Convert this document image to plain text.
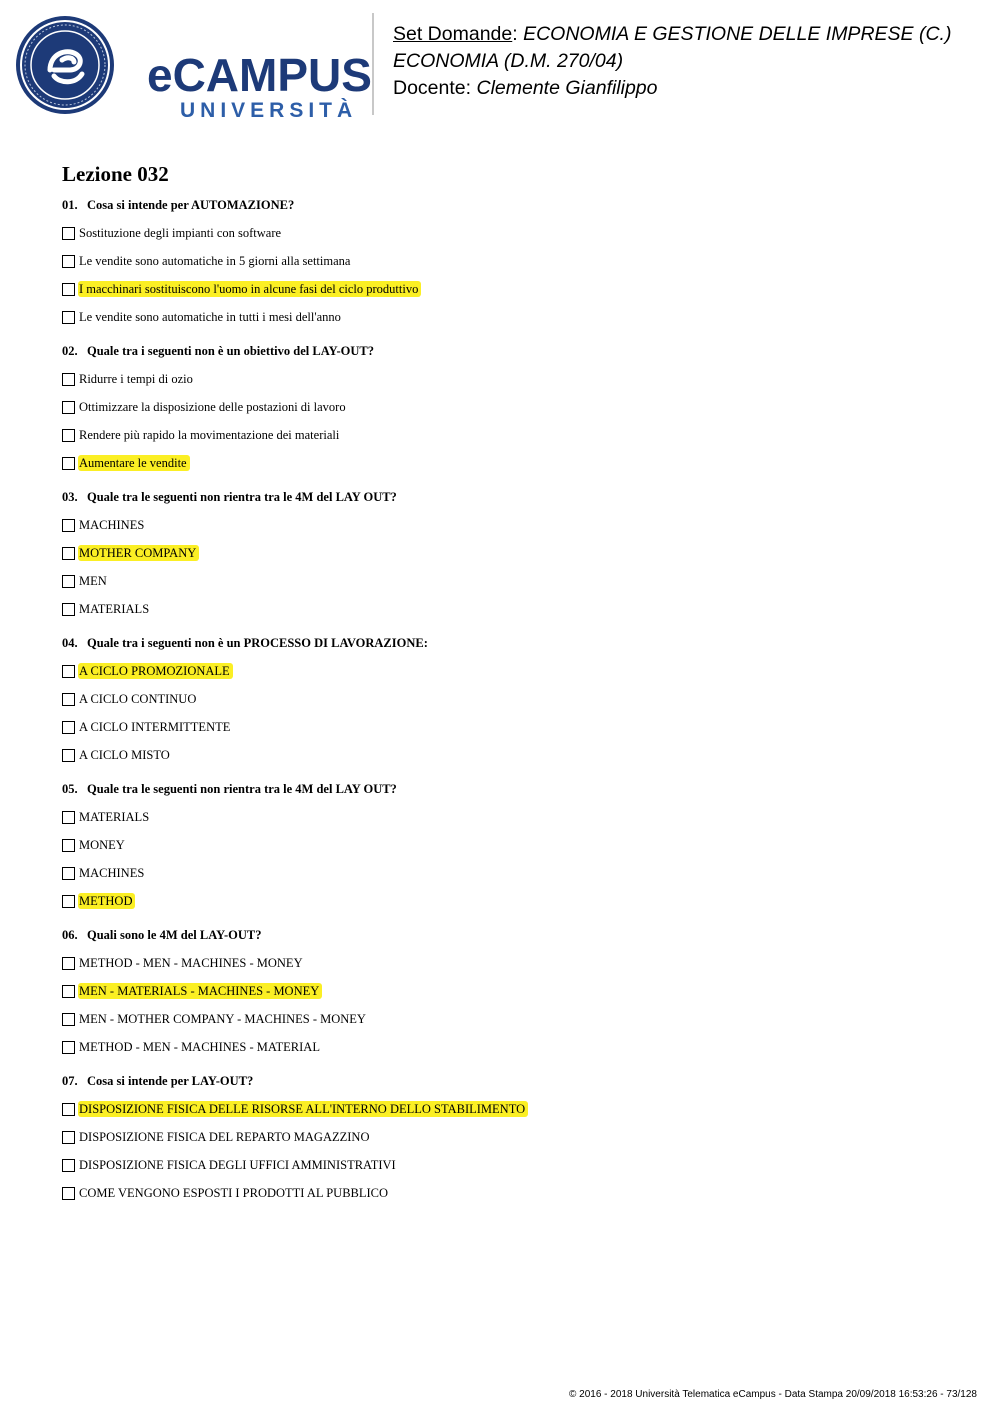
eCAMPUS
UNIVERSITÀ
Set Domande: ECONOMIA E GESTIONE DELLE IMPRESE (C.)
ECONOMIA (D.M. 270/04)
Docente: Clemente Gianfilippo
Lezione 032
01. Cosa si intende per AUTOMAZIONE?
Sostituzione degli impianti con software
Le vendite sono automatiche in 5 giorni alla settimana
I macchinari sostituiscono l'uomo in alcune fasi del ciclo produttivo
Le vendite sono automatiche in tutti i mesi dell'anno
02. Quale tra i seguenti non è un obiettivo del LAY-OUT?
Ridurre i tempi di ozio
Ottimizzare la disposizione delle postazioni di lavoro
Rendere più rapido la movimentazione dei materiali
Aumentare le vendite
03. Quale tra le seguenti non rientra tra le 4M del LAY OUT?
MACHINES
MOTHER COMPANY
MEN
MATERIALS
04. Quale tra i seguenti non è un PROCESSO DI LAVORAZIONE:
A CICLO PROMOZIONALE
A CICLO CONTINUO
A CICLO INTERMITTENTE
A CICLO MISTO
05. Quale tra le seguenti non rientra tra le 4M del LAY OUT?
MATERIALS
MONEY
MACHINES
METHOD
06. Quali sono le 4M del LAY-OUT?
METHOD - MEN - MACHINES - MONEY
MEN - MATERIALS - MACHINES - MONEY
MEN - MOTHER COMPANY - MACHINES - MONEY
METHOD - MEN - MACHINES - MATERIAL
07. Cosa si intende per LAY-OUT?
DISPOSIZIONE FISICA DELLE RISORSE ALL'INTERNO DELLO STABILIMENTO
DISPOSIZIONE FISICA DEL REPARTO MAGAZZINO
DISPOSIZIONE FISICA DEGLI UFFICI AMMINISTRATIVI
COME VENGONO ESPOSTI I PRODOTTI AL PUBBLICO
© 2016 - 2018 Università Telematica eCampus - Data Stampa 20/09/2018 16:53:26 - 73/128
